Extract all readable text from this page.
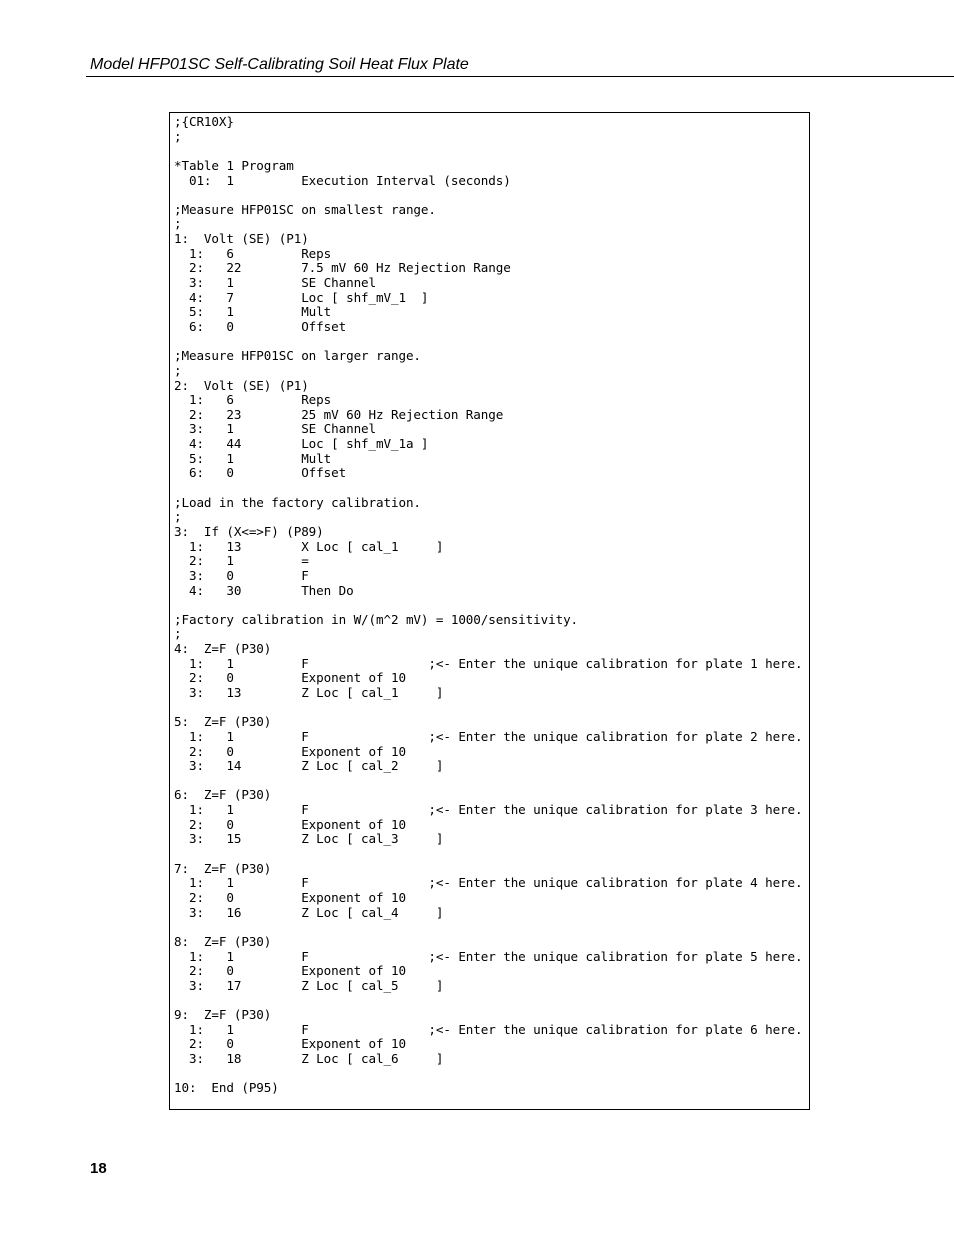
Model HFP01SC Self-Calibrating Soil Heat Flux Plate
;{CR10X}
;

*Table 1 Program
01:  1         Execution Interval (seconds)

;Measure HFP01SC on smallest range.
;
1:  Volt (SE) (P1)
1:   6         Reps
2:   22        7.5 mV 60 Hz Rejection Range
3:   1         SE Channel
4:   7         Loc [ shf_mV_1  ]
5:   1         Mult
6:   0         Offset

;Measure HFP01SC on larger range.
;
2:  Volt (SE) (P1)
1:   6         Reps
2:   23        25 mV 60 Hz Rejection Range
3:   1         SE Channel
4:   44        Loc [ shf_mV_1a ]
5:   1         Mult
6:   0         Offset

;Load in the factory calibration.
;
3:  If (X<=>F) (P89)
1:   13        X Loc [ cal_1     ]
2:   1         =
3:   0         F
4:   30        Then Do

;Factory calibration in W/(m^2 mV) = 1000/sensitivity.
;
4:  Z=F (P30)
1:   1         F                ;<- Enter the unique calibration for plate 1 here.
2:   0         Exponent of 10
3:   13        Z Loc [ cal_1     ]

5:  Z=F (P30)
1:   1         F                ;<- Enter the unique calibration for plate 2 here.
2:   0         Exponent of 10
3:   14        Z Loc [ cal_2     ]

6:  Z=F (P30)
1:   1         F                ;<- Enter the unique calibration for plate 3 here.
2:   0         Exponent of 10
3:   15        Z Loc [ cal_3     ]

7:  Z=F (P30)
1:   1         F                ;<- Enter the unique calibration for plate 4 here.
2:   0         Exponent of 10
3:   16        Z Loc [ cal_4     ]

8:  Z=F (P30)
1:   1         F                ;<- Enter the unique calibration for plate 5 here.
2:   0         Exponent of 10
3:   17        Z Loc [ cal_5     ]

9:  Z=F (P30)
1:   1         F                ;<- Enter the unique calibration for plate 6 here.
2:   0         Exponent of 10
3:   18        Z Loc [ cal_6     ]

10:  End (P95)

18
